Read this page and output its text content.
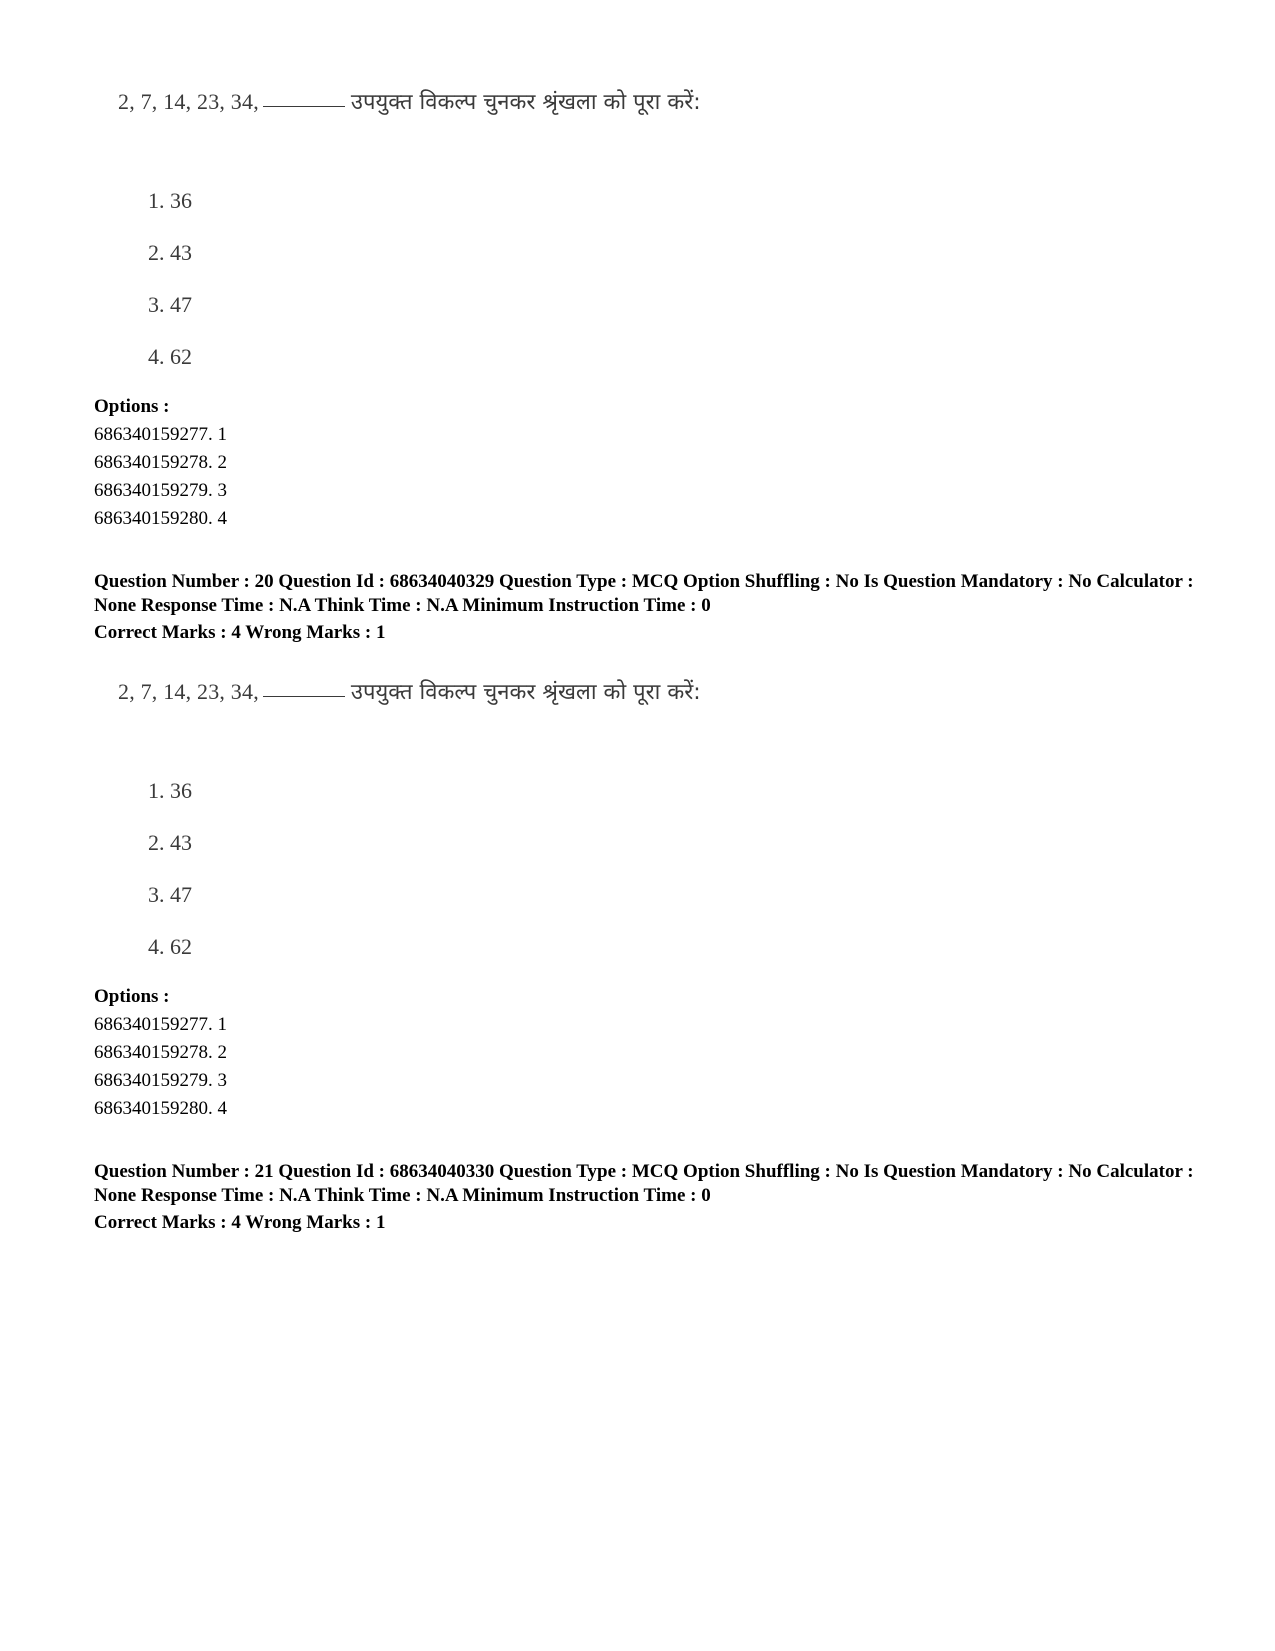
2, 7, 14, 23, 34,	उपयुक्त विकल्प चुनकर श्रृंखला को पूरा करें:
1. 36
2. 43
3. 47
4. 62
Options :
686340159277. 1
686340159278. 2
686340159279. 3
686340159280. 4
Question Number : 20 Question Id : 68634040329 Question Type : MCQ Option Shuffling : No Is Question Mandatory : No Calculator : None Response Time : N.A Think Time : N.A Minimum Instruction Time : 0
Correct Marks : 4 Wrong Marks : 1
2, 7, 14, 23, 34,	उपयुक्त विकल्प चुनकर श्रृंखला को पूरा करें:
1. 36
2. 43
3. 47
4. 62
Options :
686340159277. 1
686340159278. 2
686340159279. 3
686340159280. 4
Question Number : 21 Question Id : 68634040330 Question Type : MCQ Option Shuffling : No Is Question Mandatory : No Calculator : None Response Time : N.A Think Time : N.A Minimum Instruction Time : 0
Correct Marks : 4 Wrong Marks : 1
